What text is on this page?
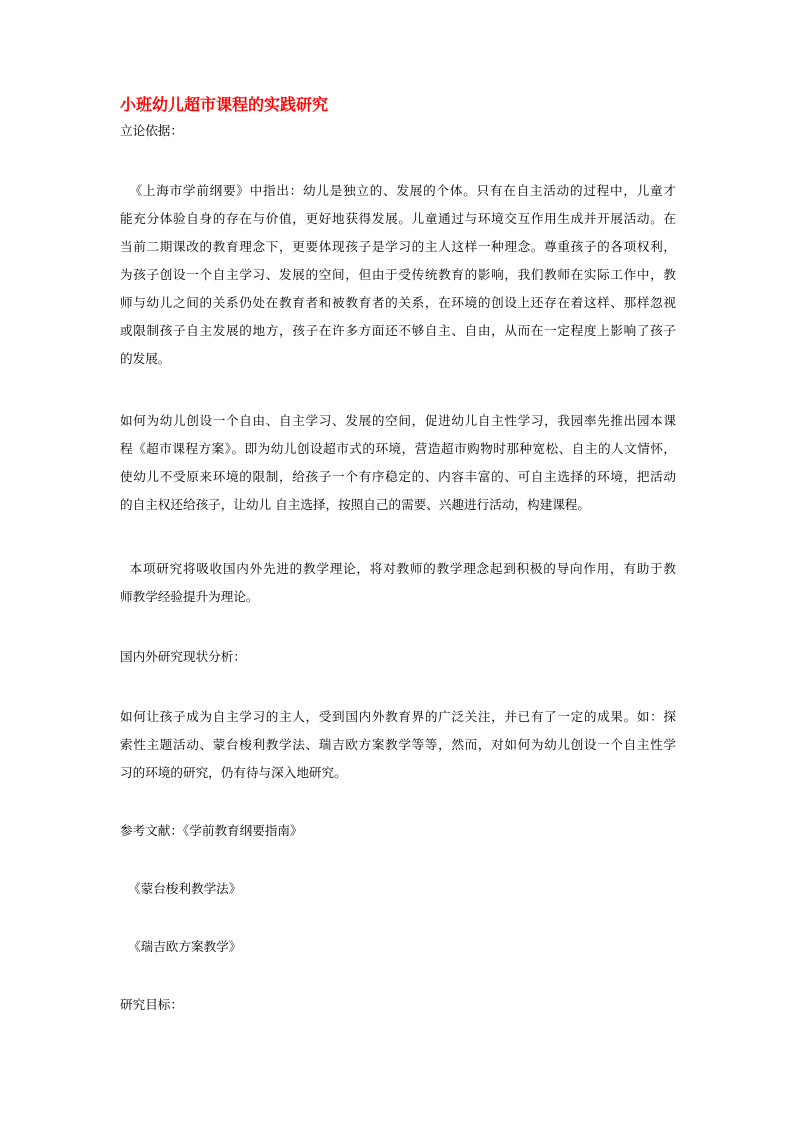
小班幼儿超市课程的实践研究
立论依据：
《上海市学前纲要》中指出：幼儿是独立的、发展的个体。只有在自主活动的过程中，儿童才
能充分体验自身的存在与价值，更好地获得发展。儿童通过与环境交互作用生成并开展活动。在
当前二期课改的教育理念下，更要体现孩子是学习的主人这样一种理念。尊重孩子的各项权利，
为孩子创设一个自主学习、发展的空间，但由于受传统教育的影响，我们教师在实际工作中，教
师与幼儿之间的关系仍处在教育者和被教育者的关系，在环境的创设上还存在着这样、那样忽视
或限制孩子自主发展的地方，孩子在许多方面还不够自主、自由，从而在一定程度上影响了孩子
的发展。
如何为幼儿创设一个自由、自主学习、发展的空间，促进幼儿自主性学习，我园率先推出园本课
程《超市课程方案》。即为幼儿创设超市式的环境，营造超市购物时那种宽松、自主的人文情怀，
使幼儿不受原来环境的限制，给孩子一个有序稳定的、内容丰富的、可自主选择的环境，把活动
的自主权还给孩子，让幼儿 自主选择，按照自己的需要、兴趣进行活动，构建课程。
本项研究将吸收国内外先进的教学理论，将对教师的教学理念起到积极的导向作用，有助于教
师教学经验提升为理论。
国内外研究现状分析：
如何让孩子成为自主学习的主人，受到国内外教育界的广泛关注，并已有了一定的成果。如：探
索性主题活动、蒙台梭利教学法、瑞吉欧方案教学等等，然而，对如何为幼儿创设一个自主性学
习的环境的研究，仍有待与深入地研究。
参考文献：《学前教育纲要指南》
《蒙台梭利教学法》
《瑞吉欧方案教学》
研究目标：
